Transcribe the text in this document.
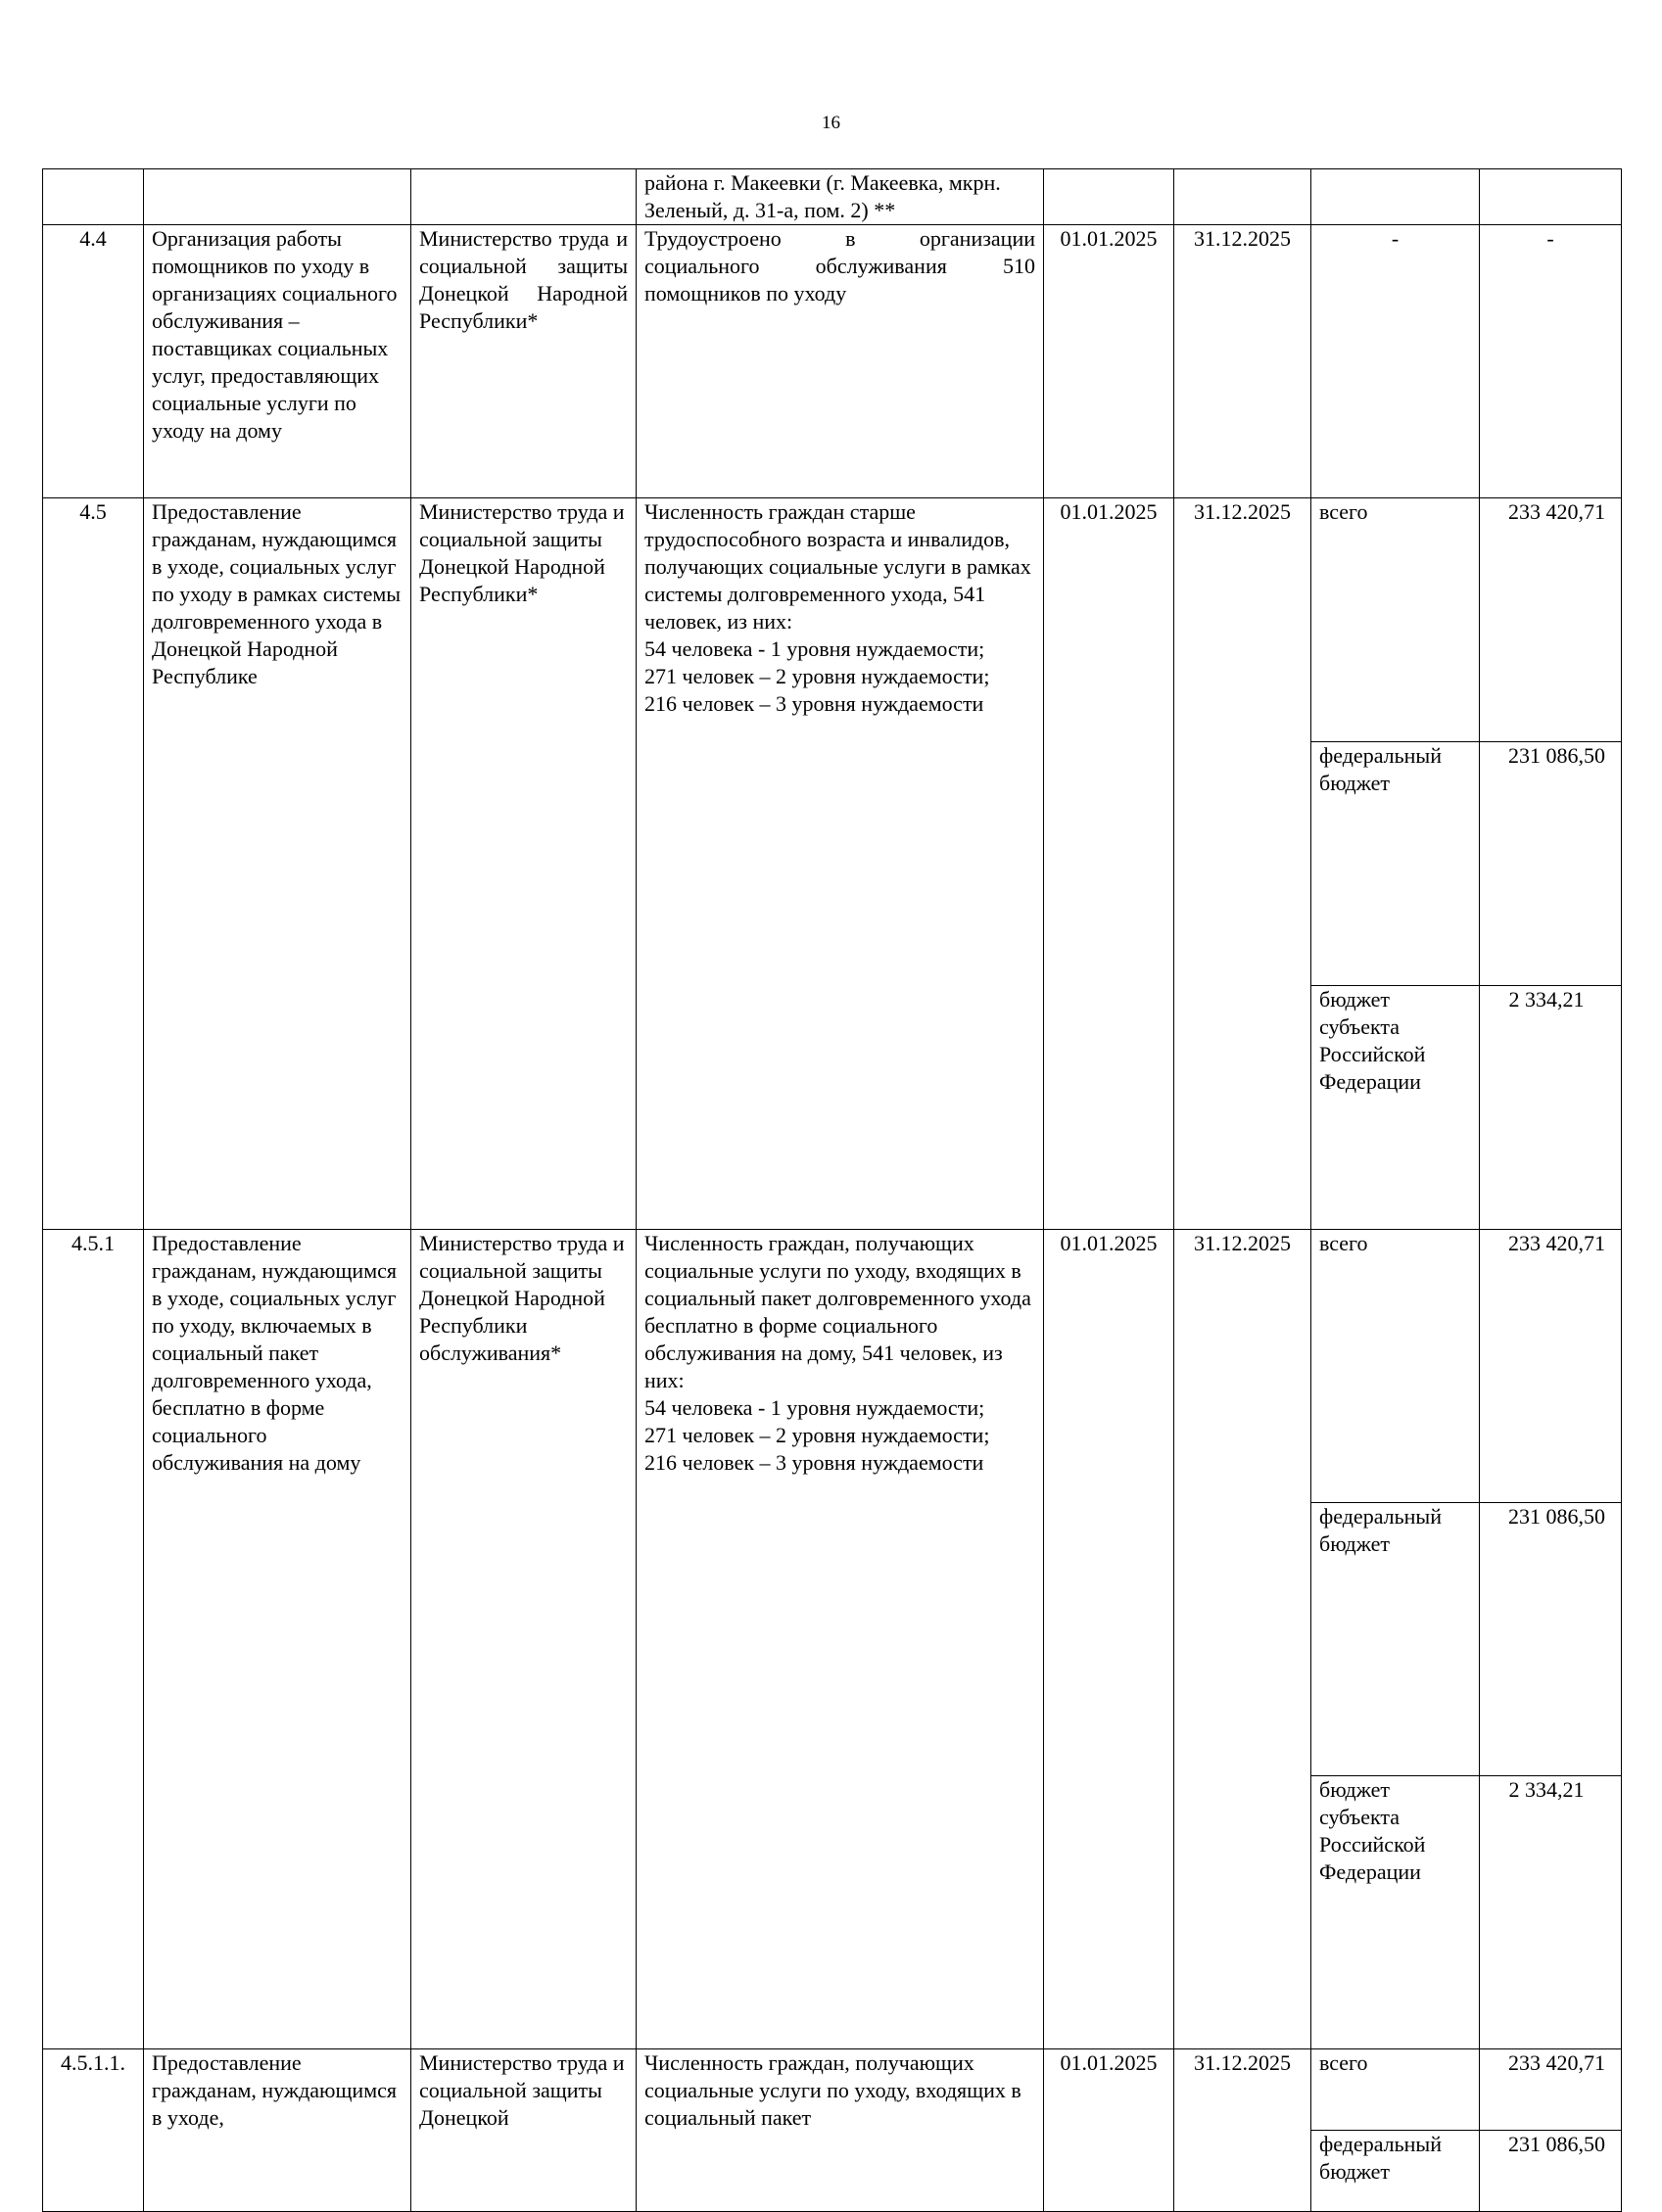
16
			района г. Макеевки (г. Макеевка, мкрн. Зеленый, д. 31-а, пом. 2) **				
4.4	Организация работы помощников по уходу в организациях социального обслуживания – поставщиках социальных услуг, предоставляющих социальные услуги по уходу на дому	Министерство труда и социальной защиты Донецкой Народной Республики*	Трудоустроено в организации социального обслуживания 510 помощников по уходу	01.01.2025	31.12.2025	-	-
4.5	Предоставление гражданам, нуждающимся в уходе, социальных услуг по уходу в рамках системы долговременного ухода в Донецкой Народной Республике	Министерство труда и социальной защиты Донецкой Народной Республики*	Численность граждан старше трудоспособного возраста и инвалидов, получающих социальные услуги в рамках системы долговременного ухода, 541 человек, из них:
54 человека - 1 уровня нуждаемости;
271 человек – 2 уровня нуждаемости;
216 человек – 3 уровня нуждаемости	01.01.2025	31.12.2025	всего	233 420,71
федеральный бюджет	231 086,50
бюджет субъекта Российской Федерации	2 334,21

4.5.1	Предоставление гражданам, нуждающимся в уходе, социальных услуг по уходу, включаемых в социальный пакет долговременного ухода, бесплатно в форме социального обслуживания на дому	Министерство труда и социальной защиты Донецкой Народной Республики обслуживания*	Численность граждан, получающих социальные услуги по уходу, входящих в социальный пакет долговременного ухода бесплатно в форме социального обслуживания на дому, 541 человек, из них:
54 человека - 1 уровня нуждаемости;
271 человек – 2 уровня нуждаемости;
216 человек – 3 уровня нуждаемости	01.01.2025	31.12.2025	всего	233 420,71
федеральный бюджет	231 086,50
бюджет субъекта Российской Федерации	2 334,21

4.5.1.1.	Предоставление гражданам, нуждающимся в уходе,	Министерство труда и социальной защиты Донецкой	Численность граждан, получающих социальные услуги по уходу, входящих в социальный пакет	01.01.2025	31.12.2025	всего	233 420,71
федеральный бюджет	231 086,50
